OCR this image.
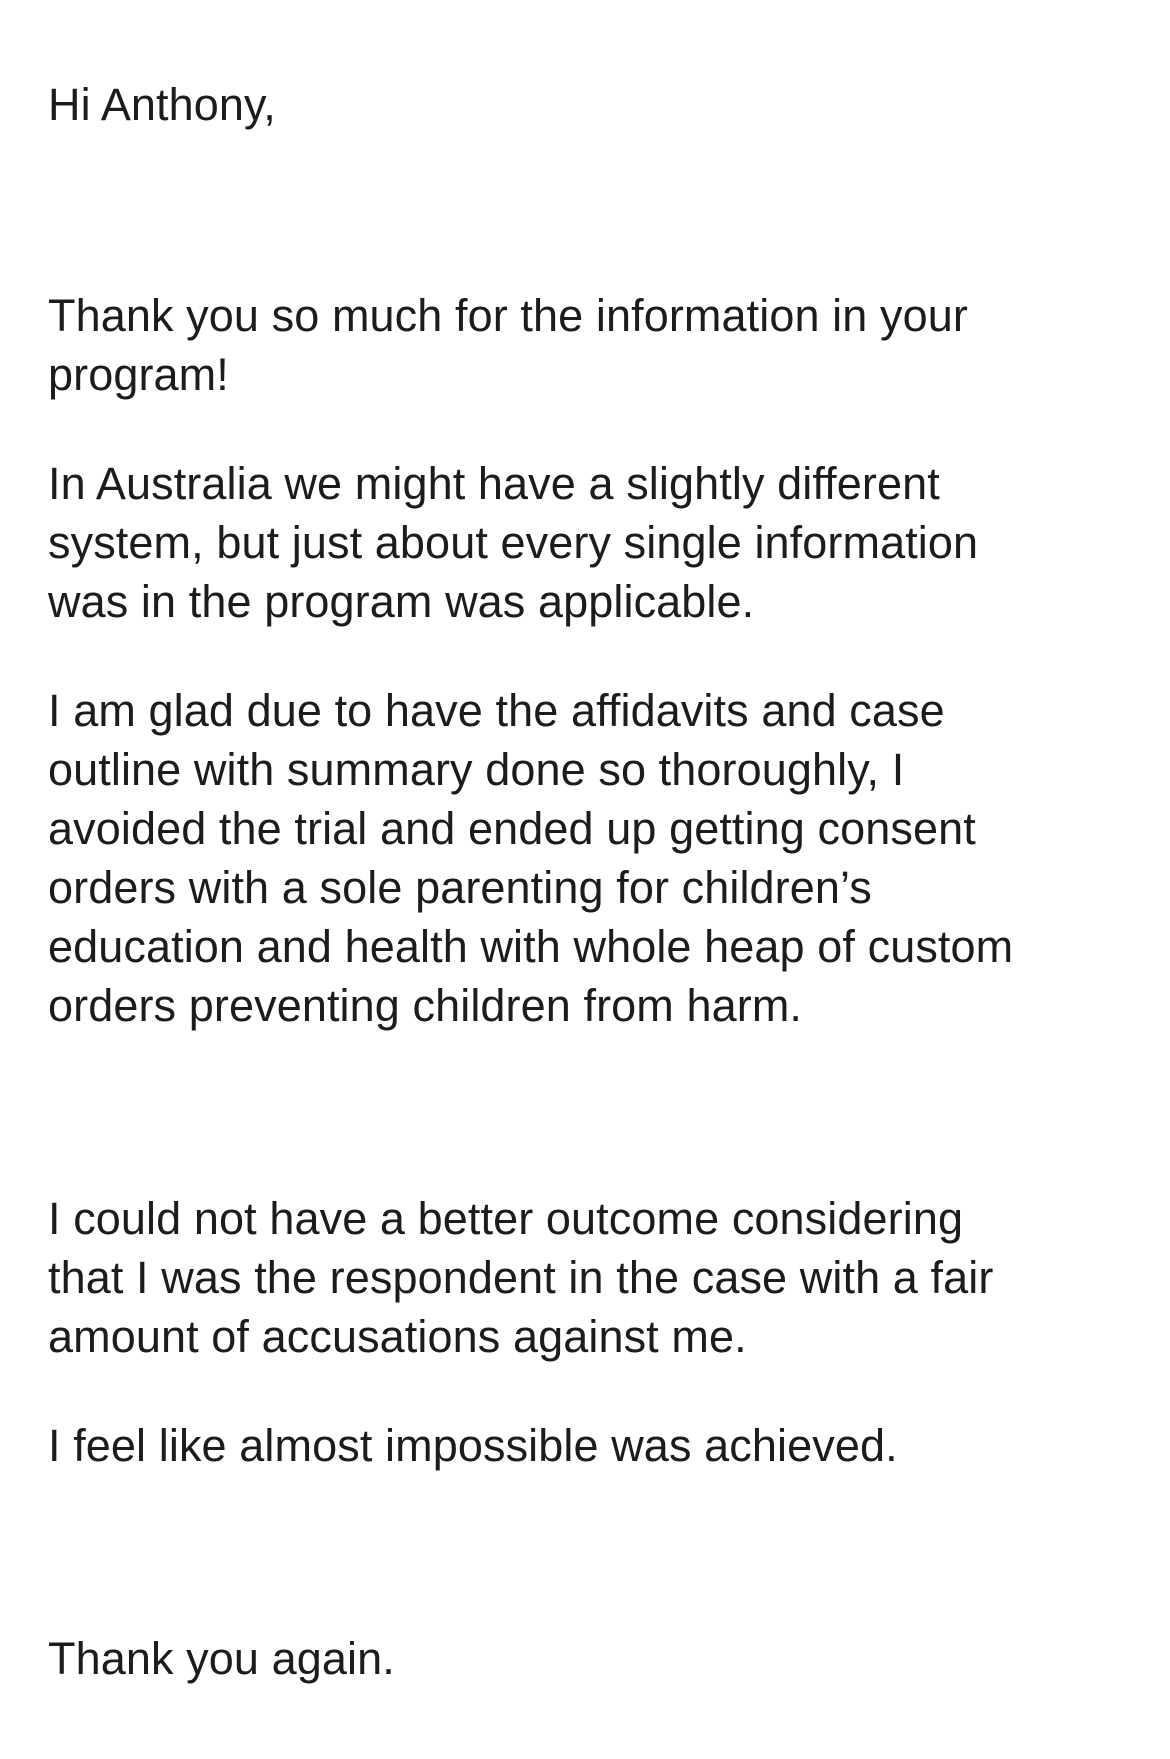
Hi Anthony,

Thank you so much for the information in your

program!

In Australia we might have a slightly different

system, but just about every single information

was in the program was applicable.

I am glad due to have the affidavits and case

outline with summary done so thoroughly, I

avoided the trial and ended up getting consent

orders with a sole parenting for children’s

education and health with whole heap of custom

orders preventing children from harm.

I could not have a better outcome considering

that I was the respondent in the case with a fair

amount of accusations against me.

I feel like almost impossible was achieved.

Thank you again.
